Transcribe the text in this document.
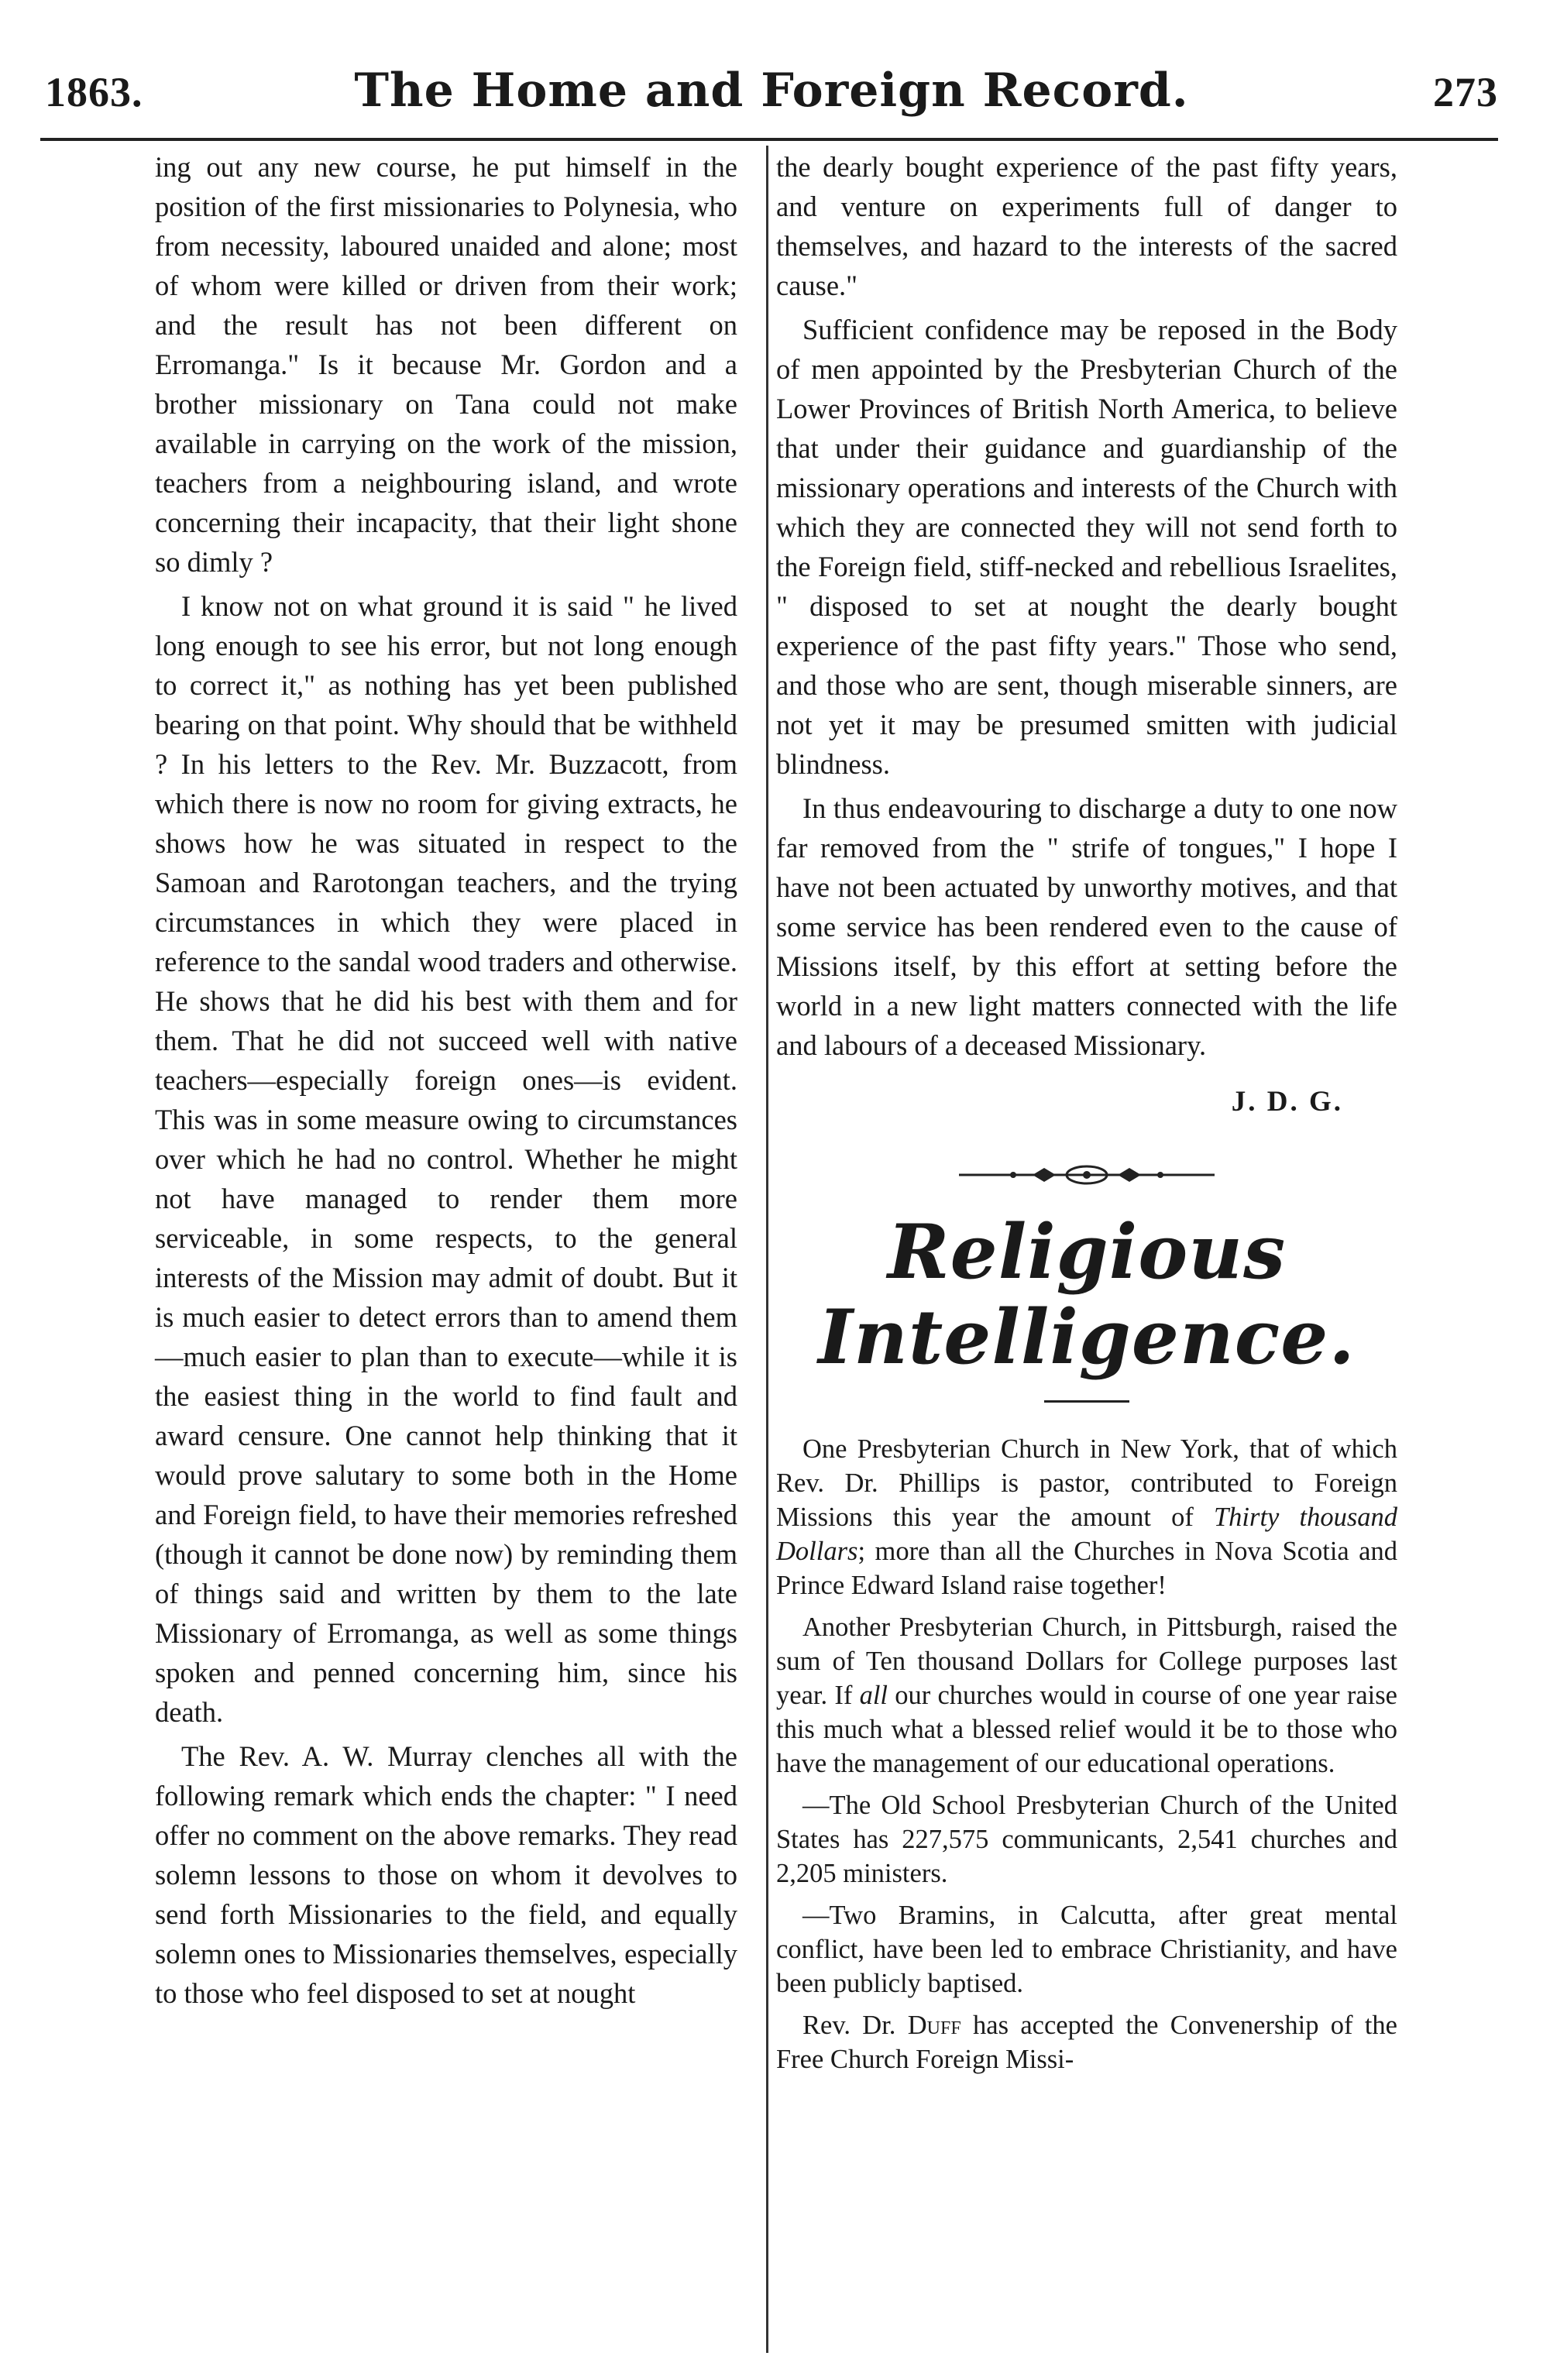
1863.	The Home and Foreign Record.	273

ing out any new course, he put himself in the position of the first missionaries to Polynesia, who from necessity, laboured unaided and alone; most of whom were killed or driven from their work; and the result has not been different on Erromanga." Is it because Mr. Gordon and a brother missionary on Tana could not make available in carrying on the work of the mission, teachers from a neighbouring island, and wrote concerning their incapacity, that their light shone so dimly ?

I know not on what ground it is said " he lived long enough to see his error, but not long enough to correct it," as nothing has yet been published bearing on that point. Why should that be withheld ? In his letters to the Rev. Mr. Buzzacott, from which there is now no room for giving extracts, he shows how he was situated in respect to the Samoan and Rarotongan teachers, and the trying circumstances in which they were placed in reference to the sandal wood traders and otherwise. He shows that he did his best with them and for them. That he did not succeed well with native teachers—especially foreign ones—is evident. This was in some measure owing to circumstances over which he had no control. Whether he might not have managed to render them more serviceable, in some respects, to the general interests of the Mission may admit of doubt. But it is much easier to detect errors than to amend them—much easier to plan than to execute—while it is the easiest thing in the world to find fault and award censure. One cannot help thinking that it would prove salutary to some both in the Home and Foreign field, to have their memories refreshed (though it cannot be done now) by reminding them of things said and written by them to the late Missionary of Erromanga, as well as some things spoken and penned concerning him, since his death.

The Rev. A. W. Murray clenches all with the following remark which ends the chapter: " I need offer no comment on the above remarks. They read solemn lessons to those on whom it devolves to send forth Missionaries to the field, and equally solemn ones to Missionaries themselves, especially to those who feel disposed to set at nought

the dearly bought experience of the past fifty years, and venture on experiments full of danger to themselves, and hazard to the interests of the sacred cause."

Sufficient confidence may be reposed in the Body of men appointed by the Presbyterian Church of the Lower Provinces of British North America, to believe that under their guidance and guardianship of the missionary operations and interests of the Church with which they are connected they will not send forth to the Foreign field, stiff-necked and rebellious Israelites, " disposed to set at nought the dearly bought experience of the past fifty years." Those who send, and those who are sent, though miserable sinners, are not yet it may be presumed smitten with judicial blindness.

In thus endeavouring to discharge a duty to one now far removed from the " strife of tongues," I hope I have not been actuated by unworthy motives, and that some service has been rendered even to the cause of Missions itself, by this effort at setting before the world in a new light matters connected with the life and labours of a deceased Missionary.

J. D. G.
Religious Intelligence.

One Presbyterian Church in New York, that of which Rev. Dr. Phillips is pastor, contributed to Foreign Missions this year the amount of Thirty thousand Dollars; more than all the Churches in Nova Scotia and Prince Edward Island raise together!

Another Presbyterian Church, in Pittsburgh, raised the sum of Ten thousand Dollars for College purposes last year. If all our churches would in course of one year raise this much what a blessed relief would it be to those who have the management of our educational operations.

—The Old School Presbyterian Church of the United States has 227,575 communicants, 2,541 churches and 2,205 ministers.

—Two Bramins, in Calcutta, after great mental conflict, have been led to embrace Christianity, and have been publicly baptised.

Rev. Dr. Duff has accepted the Convenership of the Free Church Foreign Missi-
